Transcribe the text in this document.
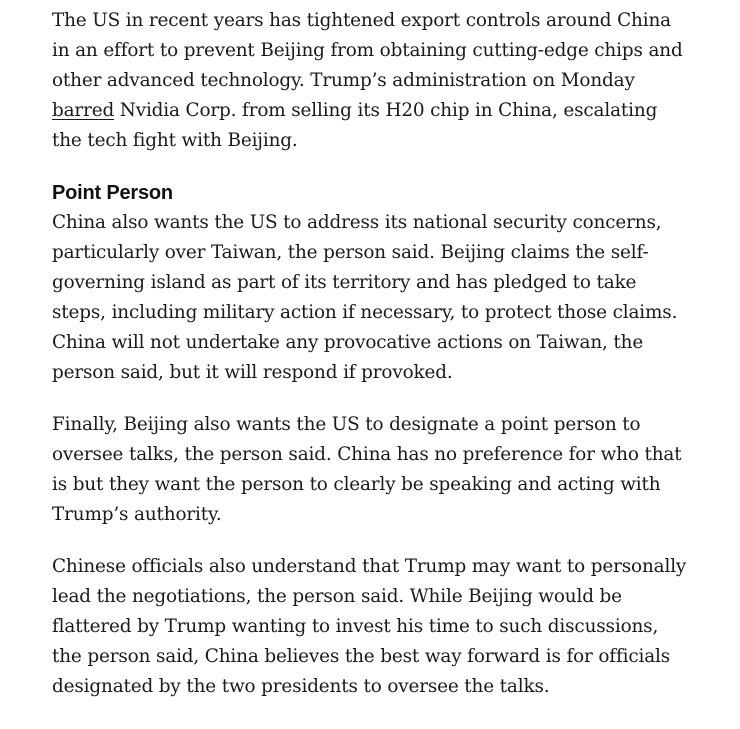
The US in recent years has tightened export controls around China in an effort to prevent Beijing from obtaining cutting-edge chips and other advanced technology. Trump’s administration on Monday barred Nvidia Corp. from selling its H20 chip in China, escalating the tech fight with Beijing.

Point Person

China also wants the US to address its national security concerns, particularly over Taiwan, the person said. Beijing claims the self-governing island as part of its territory and has pledged to take steps, including military action if necessary, to protect those claims. China will not undertake any provocative actions on Taiwan, the person said, but it will respond if provoked.

Finally, Beijing also wants the US to designate a point person to oversee talks, the person said. China has no preference for who that is but they want the person to clearly be speaking and acting with Trump’s authority.

Chinese officials also understand that Trump may want to personally lead the negotiations, the person said. While Beijing would be flattered by Trump wanting to invest his time to such discussions, the person said, China believes the best way forward is for officials designated by the two presidents to oversee the talks.
